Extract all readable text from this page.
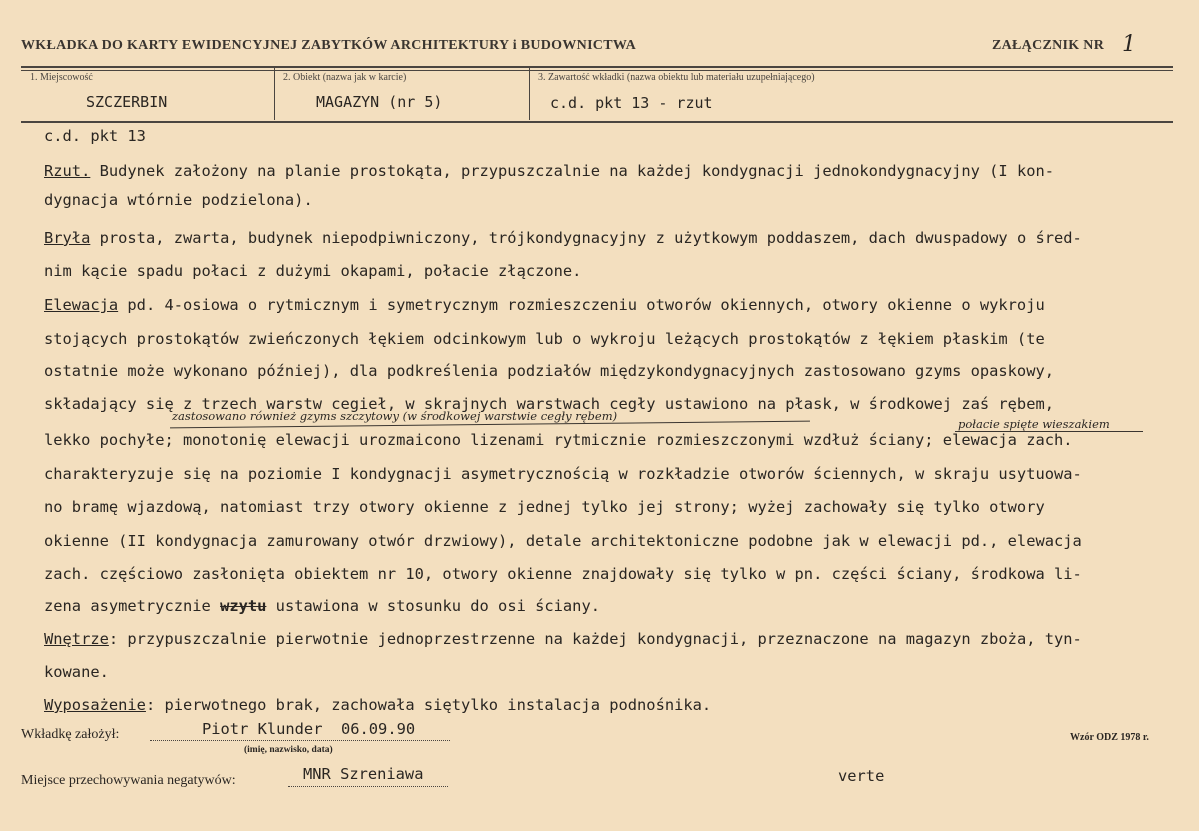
WKŁADKA DO KARTY EWIDENCYJNEJ ZABYTKÓW ARCHITEKTURY i BUDOWNICTWA	ZAŁĄCZNIK NR 1
1. Miejscowość
SZCZERBIN
2. Obiekt (nazwa jak w karcie)
MAGAZYN (nr 5)
3. Zawartość wkładki (nazwa obiektu lub materiału uzupełniającego)
c.d. pkt 13 - rzut
c.d. pkt 13
Rzut. Budynek założony na planie prostokąta, przypuszczalnie na każdej kondygnacji jednokondygnacyjny (I kon-
dygnacja wtórnie podzielona).
Bryła prosta, zwarta, budynek niepodpiwniczony, trójkondygnacyjny z użytkowym poddaszem, dach dwuspadowy o śred-
nim kącie spadu połaci z dużymi okapami, połacie złączone.
Elewacja pd. 4-osiowa o rytmicznym i symetrycznym rozmieszczeniu otworów okiennych, otwory okienne o wykroju
stojących prostokątów zwieńczonych łękiem odcinkowym lub o wykroju leżących prostokątów z łękiem płaskim (te
ostatnie może wykonano później), dla podkreślenia podziałów międzykondygnacyjnych zastosowano gzyms opaskowy,
składający się z trzech warstw cegieł, w skrajnych warstwach cegły ustawiono na płask, w środkowej zaś rębem,
zastosowano również gzyms szczytowy (w środkowej warstwie cegły rębem)
połacie spięte wieszakiem
lekko pochyłe; monotonię elewacji urozmaicono lizenami rytmicznie rozmieszczonymi wzdłuż ściany; elewacja zach.
charakteryzuje się na poziomie I kondygnacji asymetrycznością w rozkładzie otworów ściennych, w skraju usytuowa-
no bramę wjazdową, natomiast trzy otwory okienne z jednej tylko jej strony; wyżej zachowały się tylko otwory
okienne (II kondygnacja zamurowany otwór drzwiowy), detale architektoniczne podobne jak w elewacji pd., elewacja
zach. częściowo zasłonięta obiektem nr 10, otwory okienne znajdowały się tylko w pn. części ściany, środkowa li-
zena asymetrycznie wzytu ustawiona w stosunku do osi ściany.
Wnętrze: przypuszczalnie pierwotnie jednoprzestrzenne na każdej kondygnacji, przeznaczone na magazyn zboża, tyn-
kowane.
Wyposażenie: pierwotnego brak, zachowała siętylko instalacja podnośnika.
Wkładkę założył:	Piotr Klunder  06.09.90
(imię, nazwisko, data)
Wzór ODZ 1978 r.
Miejsce przechowywania negatywów:	MNR Szreniawa	verte
